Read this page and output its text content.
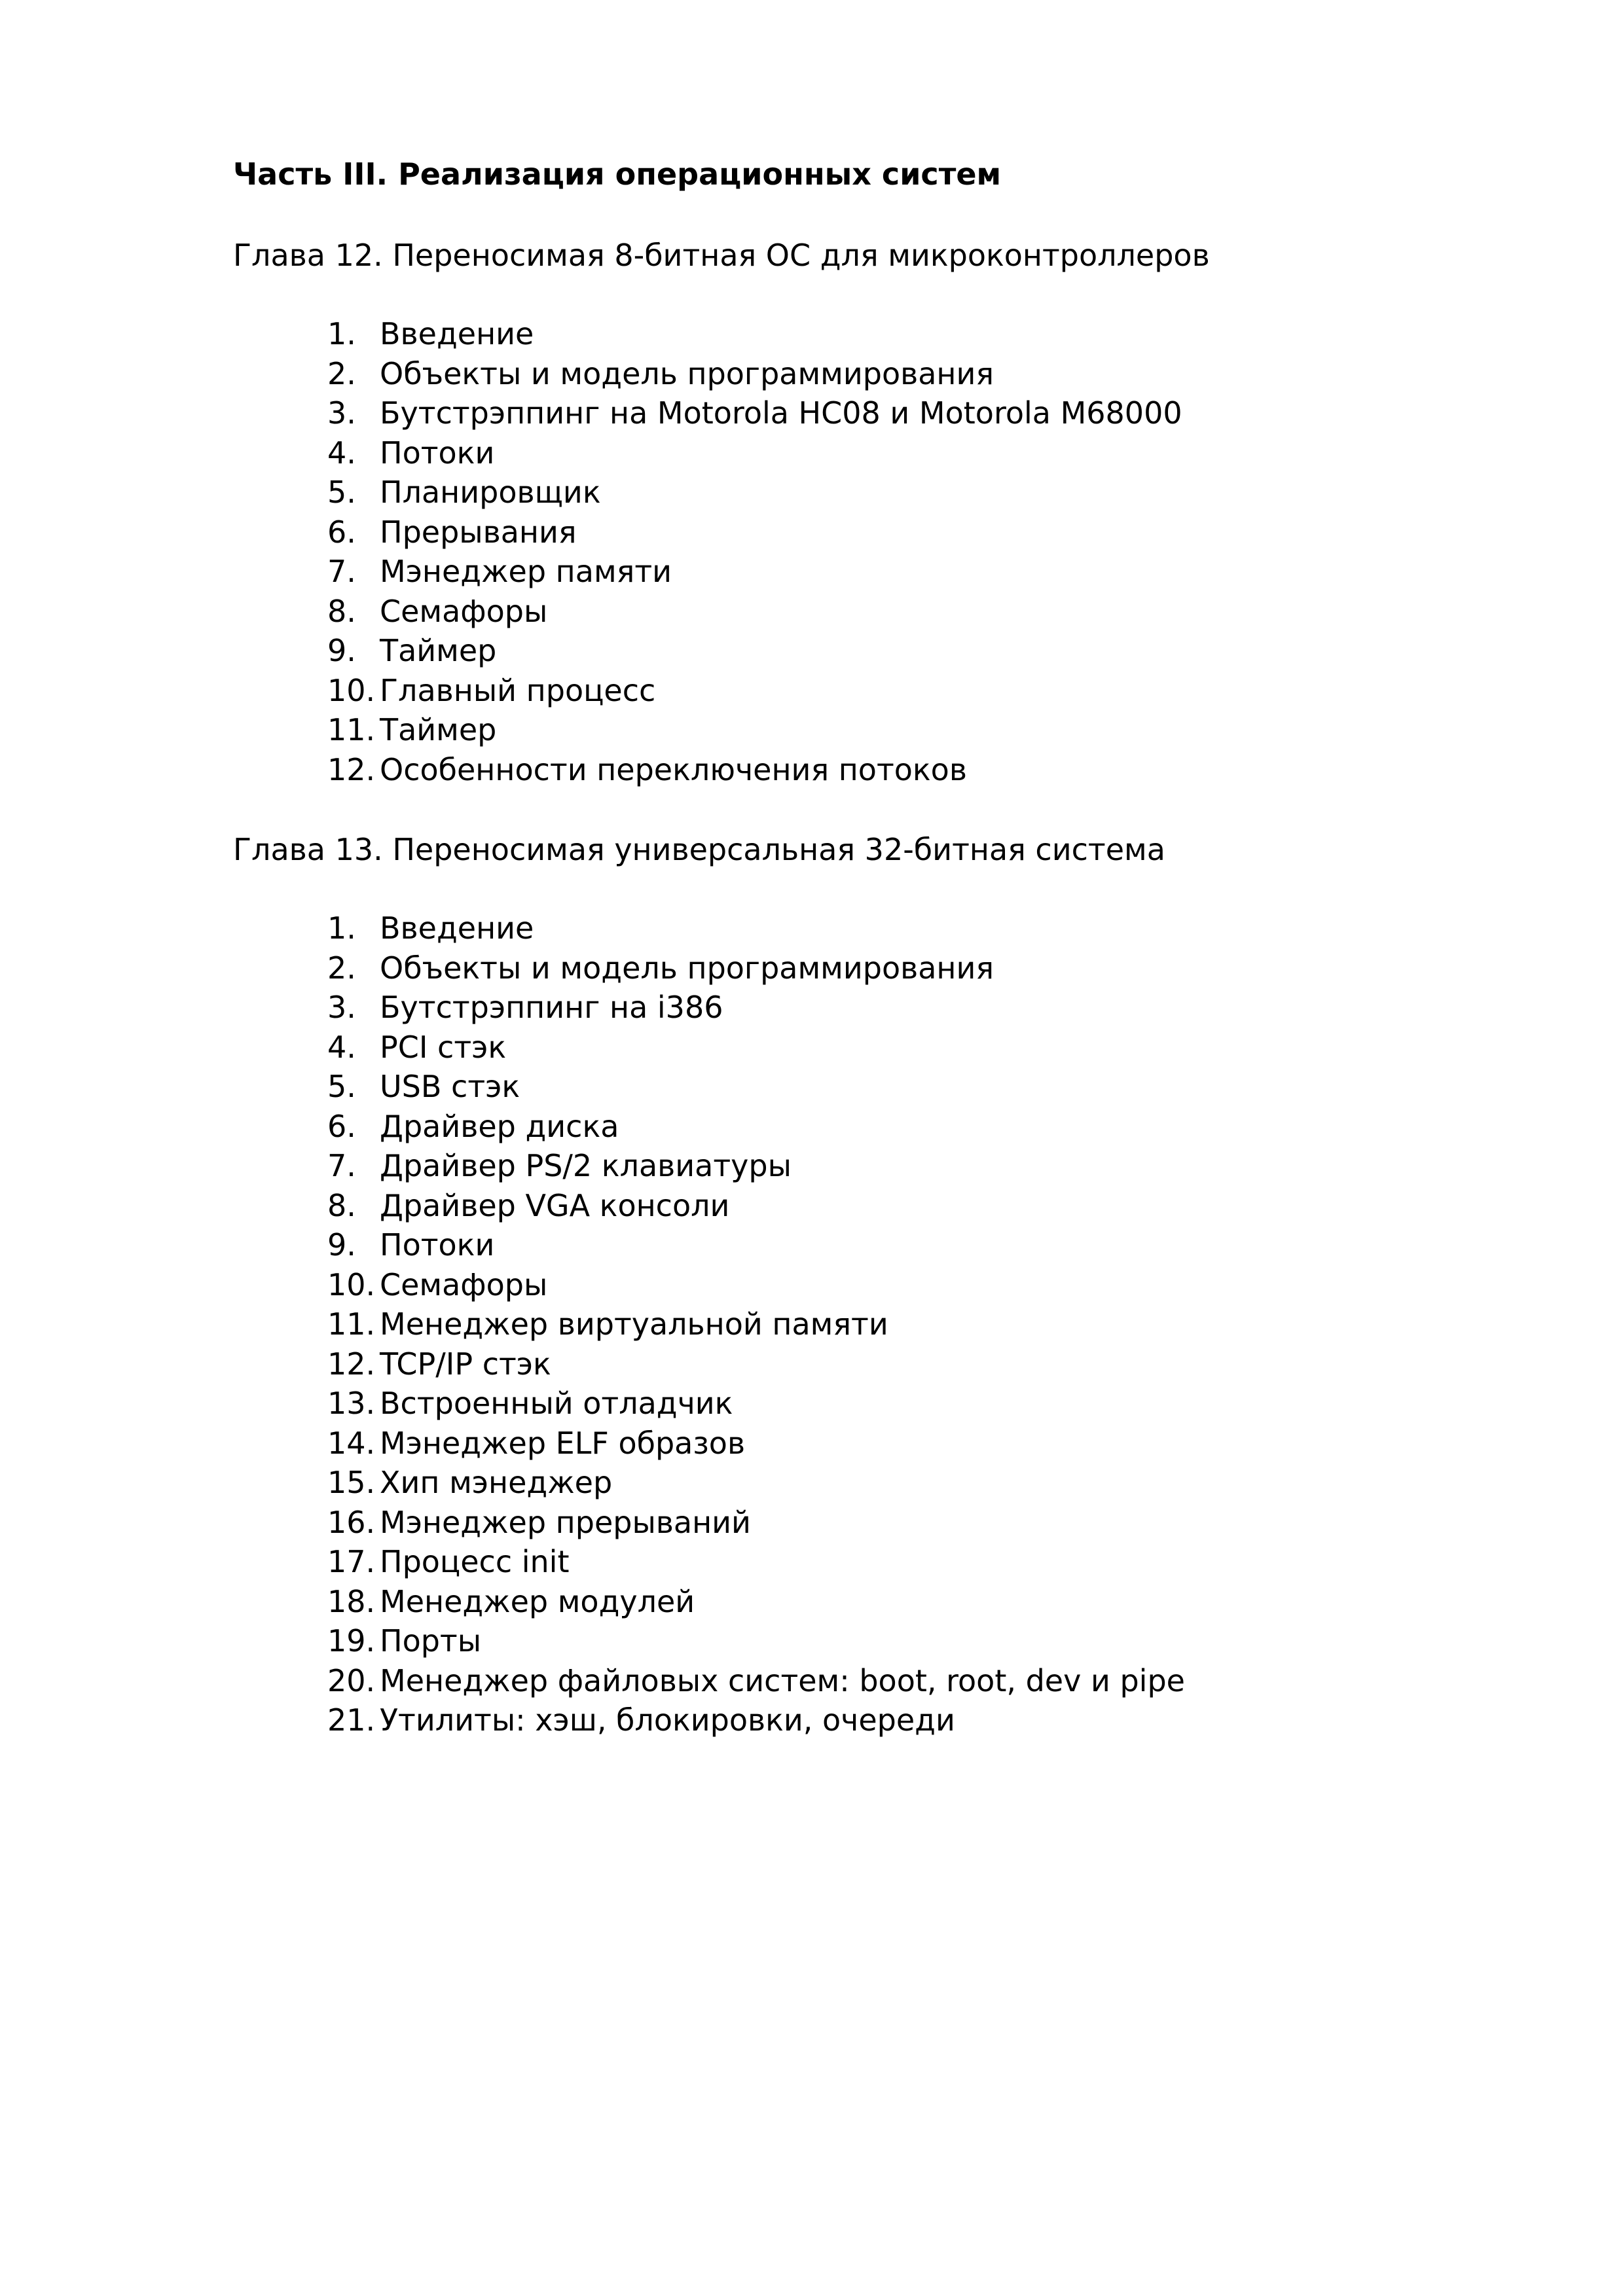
Часть III. Реализация операционных систем
Глава 12. Переносимая 8-битная ОС для микроконтроллеров
1. Введение
2. Объекты и модель программирования
3. Бутстрэппинг на Motorola HC08 и Motorola M68000
4. Потоки
5. Планировщик
6. Прерывания
7. Мэнеджер памяти
8. Семафоры
9. Таймер
10. Главный процесс
11. Таймер
12. Особенности переключения потоков
Глава 13. Переносимая универсальная 32-битная система
1. Введение
2. Объекты и модель программирования
3. Бутстрэппинг на i386
4. PCI стэк
5. USB стэк
6. Драйвер диска
7. Драйвер PS/2 клавиатуры
8. Драйвер VGA консоли
9. Потоки
10. Семафоры
11. Менеджер виртуальной памяти
12. TCP/IP стэк
13. Встроенный отладчик
14. Мэнеджер ELF образов
15. Хип мэнеджер
16. Мэнеджер прерываний
17. Процесс init
18. Менеджер модулей
19. Порты
20. Менеджер файловых систем: boot, root, dev и pipe
21. Утилиты: хэш, блокировки, очереди
